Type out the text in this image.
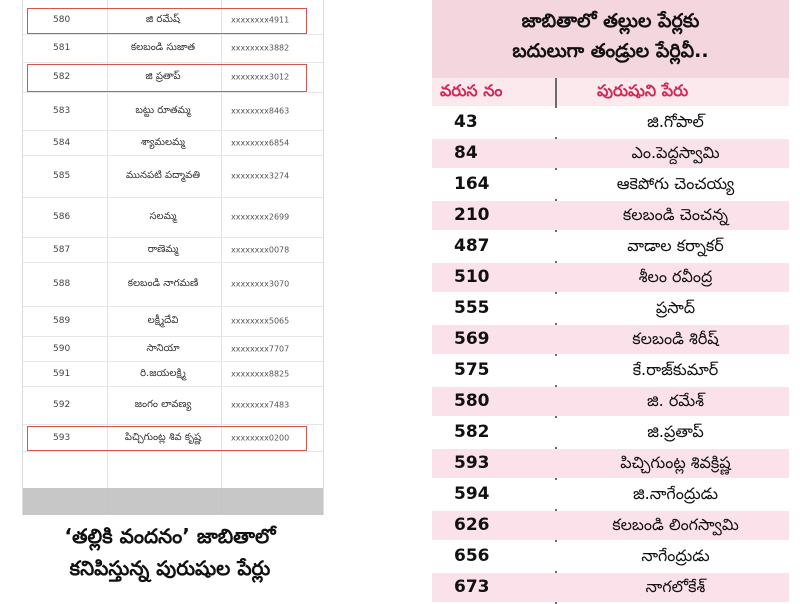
580	జి రమేష్	xxxxxxxx4911
581	కలబండి సుజాత	xxxxxxxx3882
582	జి ప్రతాప్	xxxxxxxx3012
583	బట్టు రూతమ్మ	xxxxxxxx8463
584	శ్యామలమ్మ	xxxxxxxx6854
585	మునపటి పద్మావతి	xxxxxxxx3274
586	సలమ్మ	xxxxxxxx2699
587	రాణెమ్మ	xxxxxxxx0078
588	కలబండి నాగమణి	xxxxxxxx3070
589	లక్ష్మీదేవి	xxxxxxxx5065
590	సానియా	xxxxxxxx7707
591	రి.జయలక్ష్మి	xxxxxxxx8825
592	జంగం లావణ్య	xxxxxxxx7483
593	పిచ్చిగుంట్ల శివ కృష్ణ	xxxxxxxx0200
‘తల్లికి వందనం’ జాబితాలో
కనిపిస్తున్న పురుషుల పేర్లు
జాబితాలో తల్లుల పేర్లకు
బదులుగా తండ్రుల పేర్లివీ..
వరుస నం	పురుషుని పేరు
43	జి.గోపాల్
84	ఎం.పెద్దస్వామి
164	ఆకెపోగు చెంచయ్య
210	కలబండి చెంచన్న
487	వాడాల కర్నాకర్
510	శీలం రవీంద్ర
555	ప్రసాద్
569	కలబండి శిరీష్
575	కే.రాజ్‌కుమార్
580	జి. రమేశ్
582	జి.ప్రతాప్
593	పిచ్చిగుంట్ల శివక్రిష్ణ
594	జి.నాగేంద్రుడు
626	కలబండి లింగస్వామి
656	నాగేంద్రుడు
673	నాగలోకేశ్
